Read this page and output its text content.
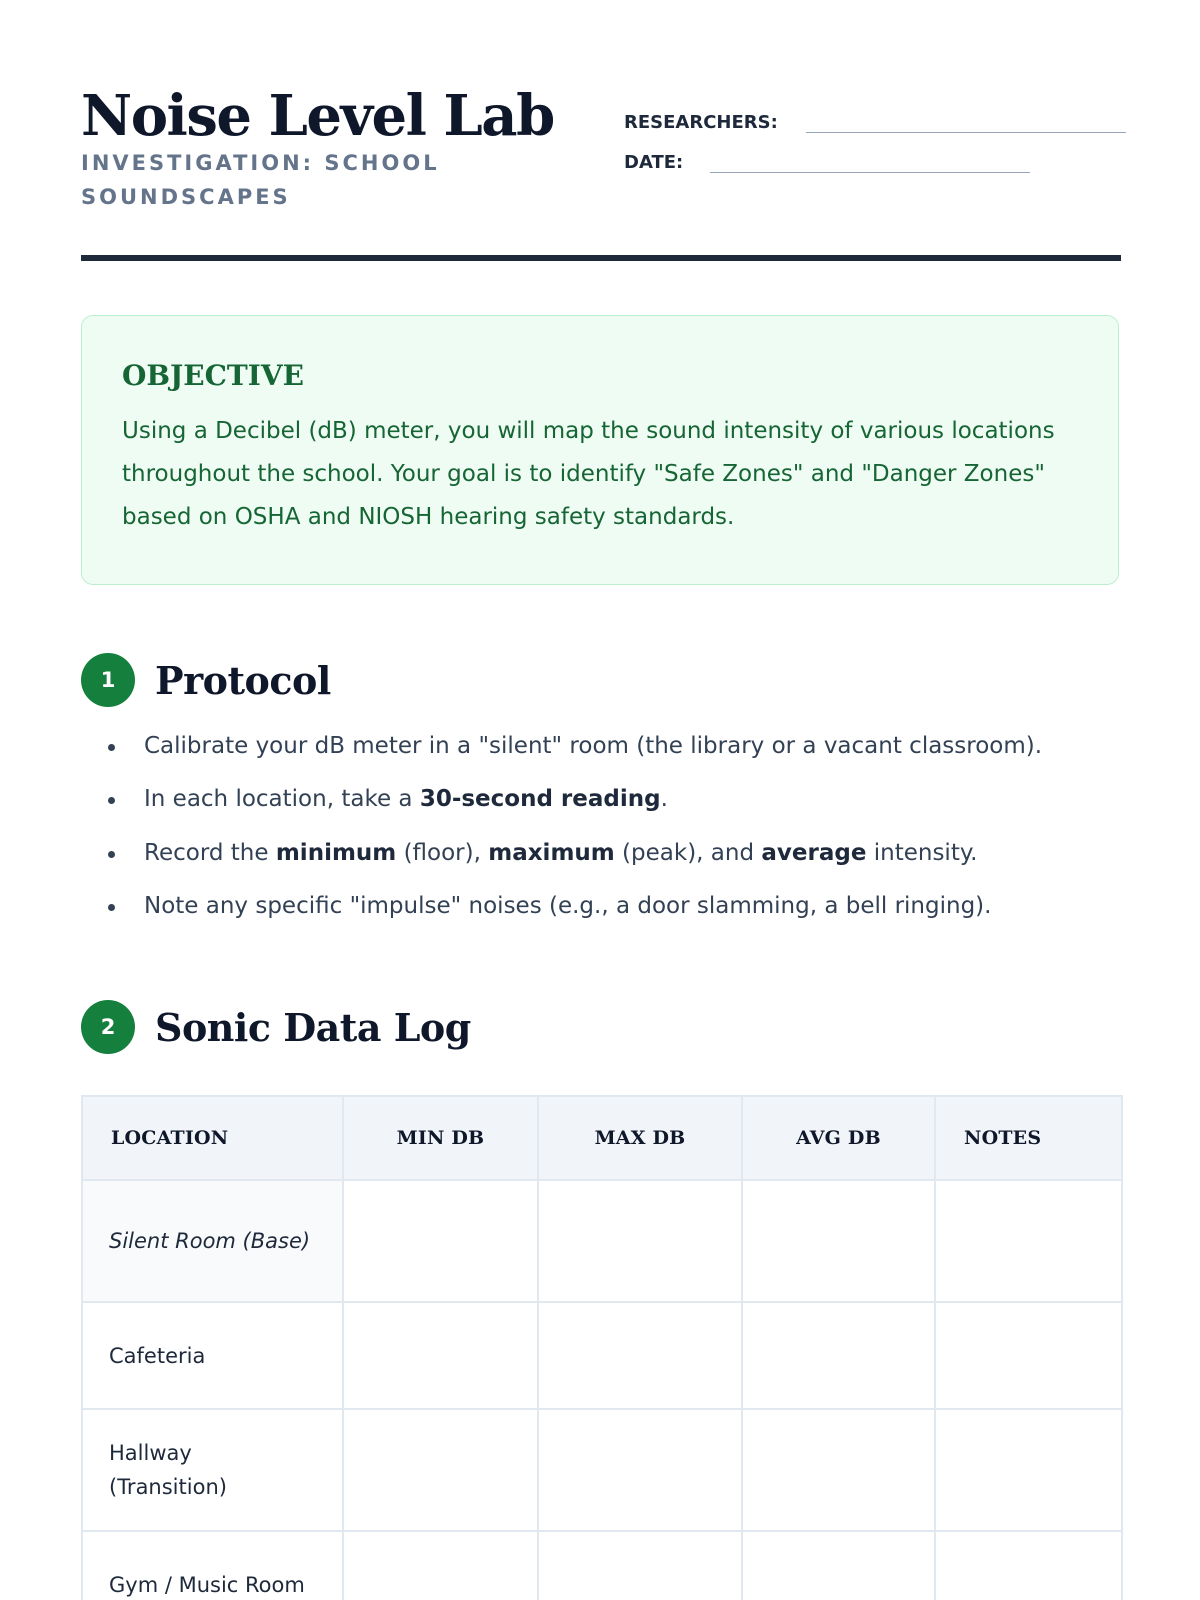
Noise Level Lab
INVESTIGATION: SCHOOL SOUNDSCAPES
RESEARCHERS:
DATE:
OBJECTIVE

Using a Decibel (dB) meter, you will map the sound intensity of various locations throughout the school. Your goal is to identify "Safe Zones" and "Danger Zones" based on OSHA and NIOSH hearing safety standards.

1	Protocol
Calibrate your dB meter in a "silent" room (the library or a vacant classroom).
In each location, take a 30-second reading.
Record the minimum (floor), maximum (peak), and average intensity.
Note any specific "impulse" noises (e.g., a door slamming, a bell ringing).
2	Sonic Data Log
LOCATION	MIN DB	MAX DB	AVG DB	NOTES
Silent Room (Base)				
Cafeteria				
Hallway (Transition)				
Gym / Music Room				
